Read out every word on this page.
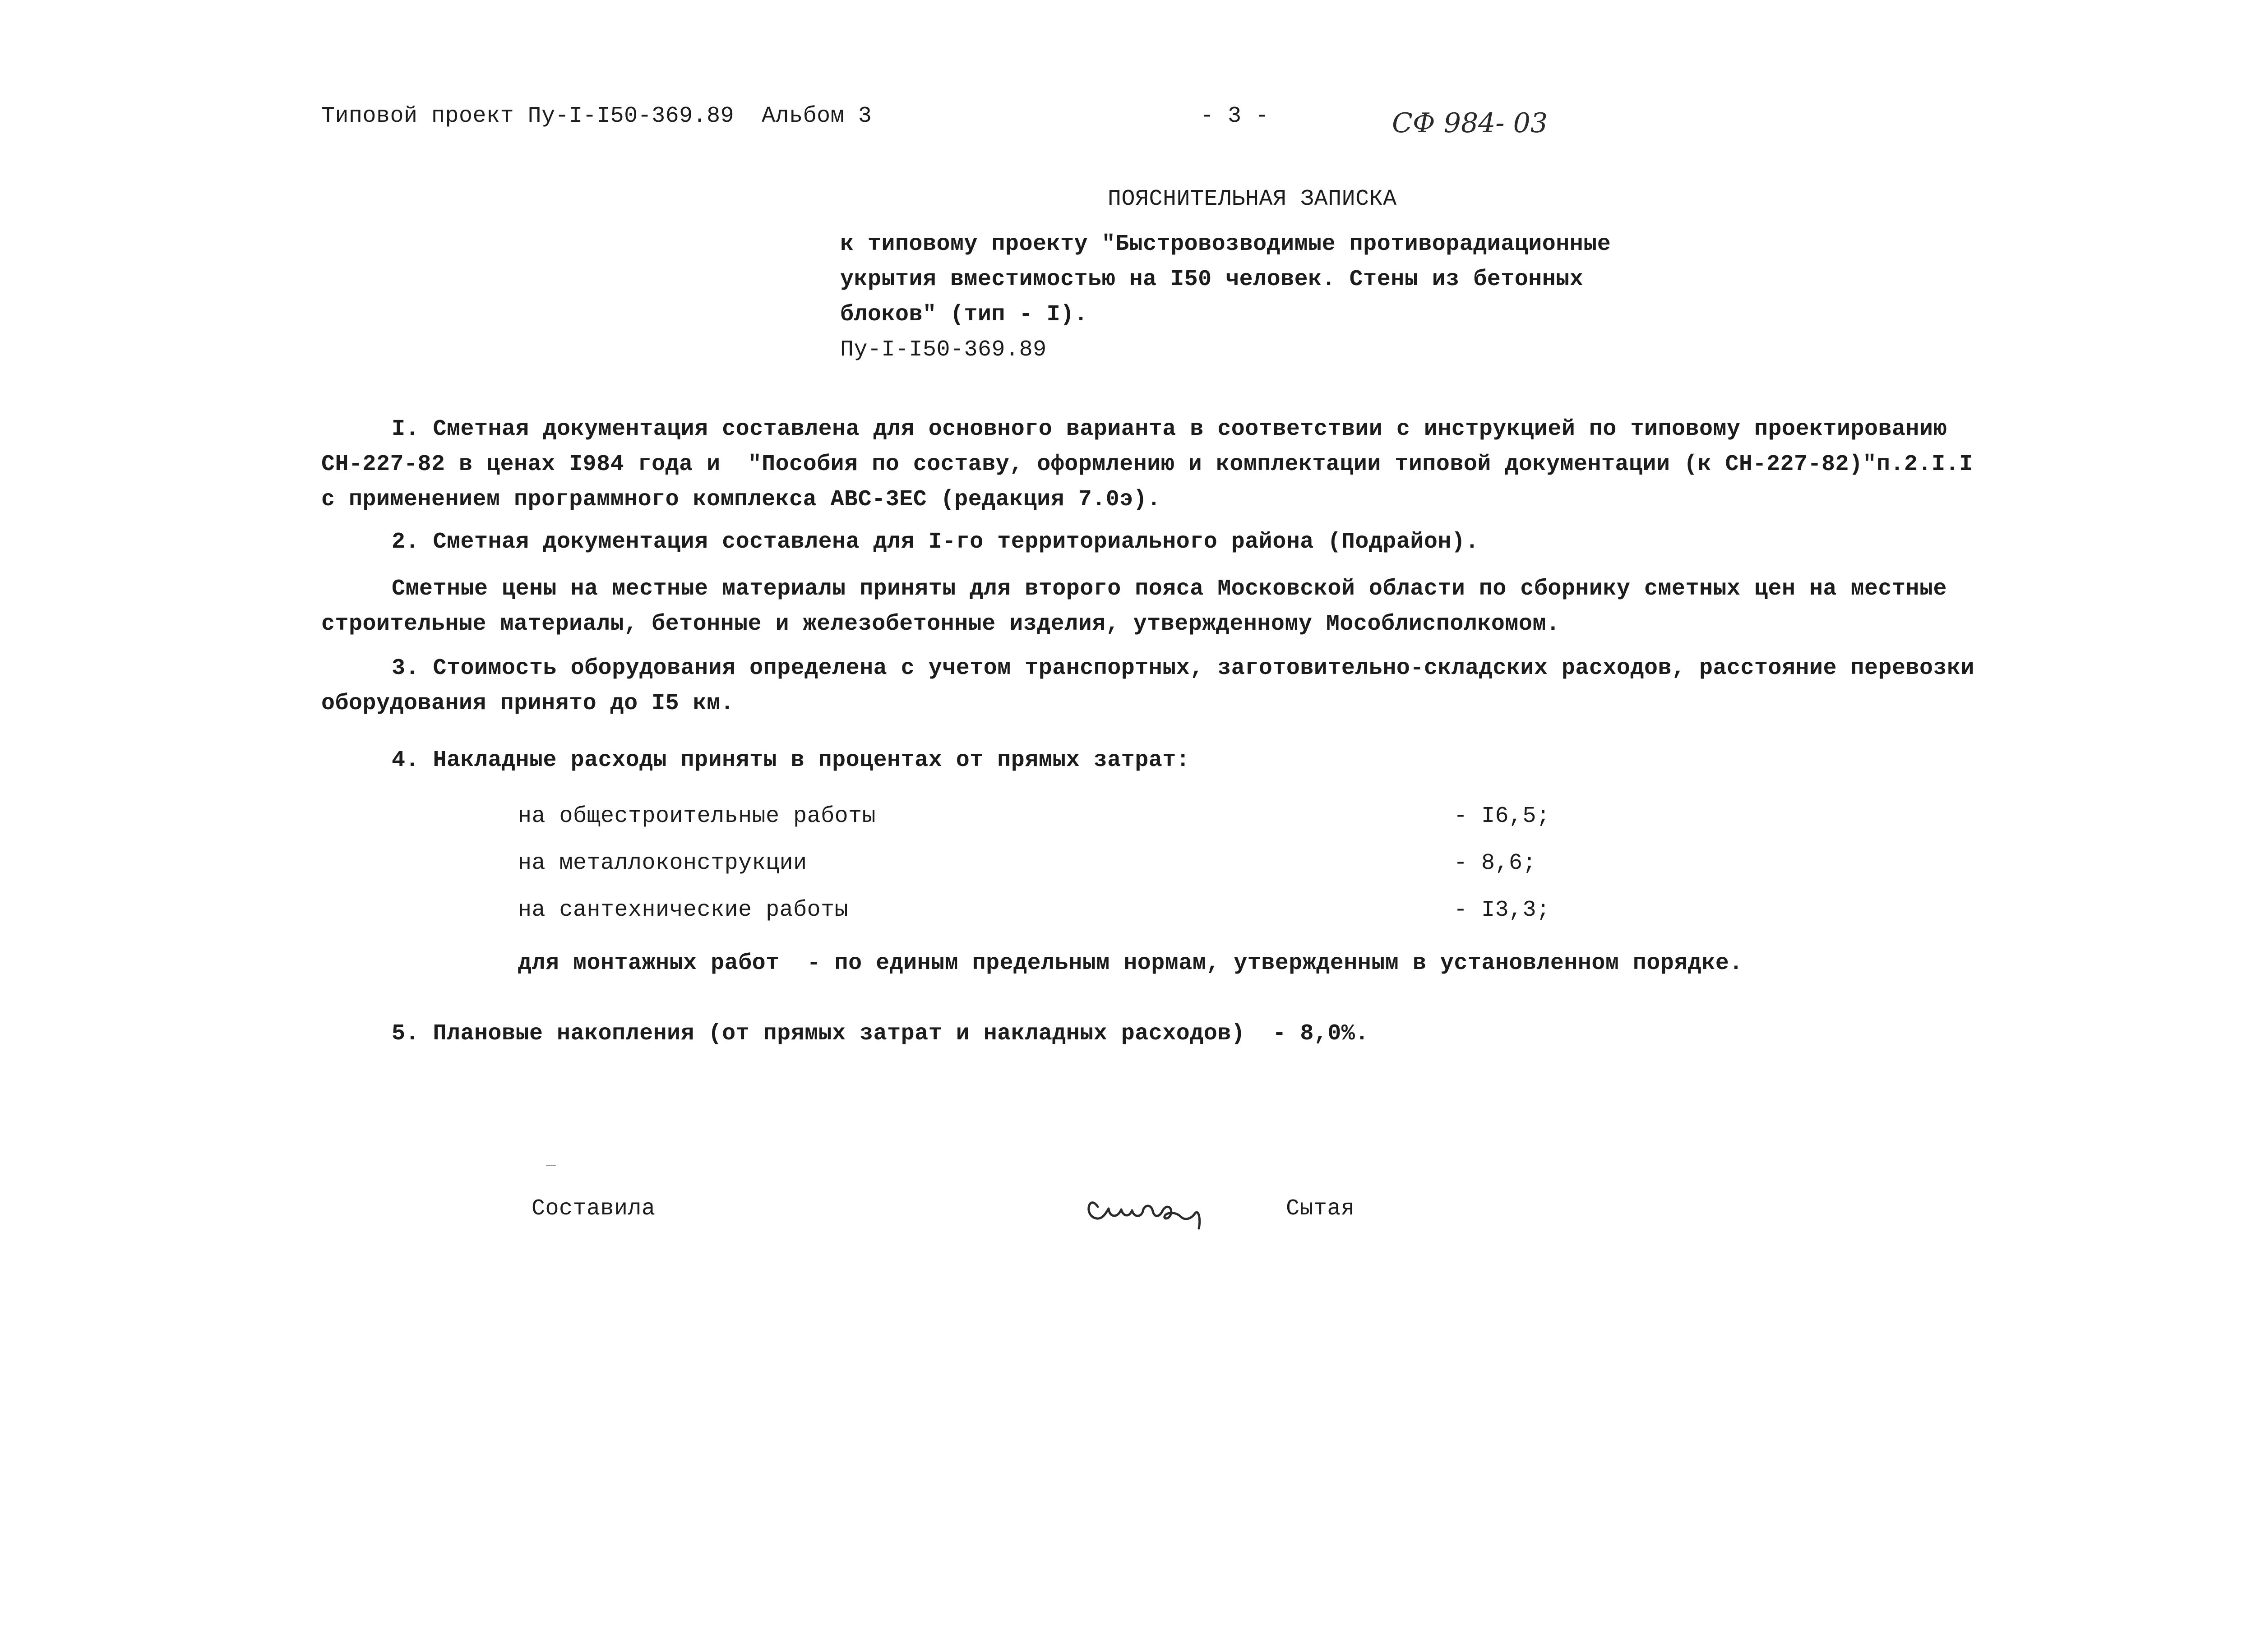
Типовой проект Пу-I-I50-369.89  Альбом 3	- 3 -	СФ 984- 03
ПОЯСНИТЕЛЬНАЯ ЗАПИСКА
к типовому проекту "Быстровозводимые противорадиационные
укрытия вместимостью на I50 человек. Стены из бетонных
блоков" (тип - I).
Пу-I-I50-369.89
I. Сметная документация составлена для основного варианта в соответствии с инструкцией по типовому проектированию
СН-227-82 в ценах I984 года и  "Пособия по составу, оформлению и комплектации типовой документации (к СН-227-82)"п.2.I.I
с применением программного комплекса АВС-3ЕС (редакция 7.0э).
2. Сметная документация составлена для I-го территориального района (Подрайон).
Сметные цены на местные материалы приняты для второго пояса Московской области по сборнику сметных цен на местные
строительные материалы, бетонные и железобетонные изделия, утвержденному Мособлисполкомом.
3. Стоимость оборудования определена с учетом транспортных, заготовительно-складских расходов, расстояние перевозки
оборудования принято до I5 км.
4. Накладные расходы приняты в процентах от прямых затрат:
на общестроительные работы	- I6,5;
на металлоконструкции	- 8,6;
на сантехнические работы	- I3,3;
для монтажных работ  - по единым предельным нормам, утвержденным в установленном порядке.
5. Плановые накопления (от прямых затрат и накладных расходов)  - 8,0%.
Составила	Сытая
